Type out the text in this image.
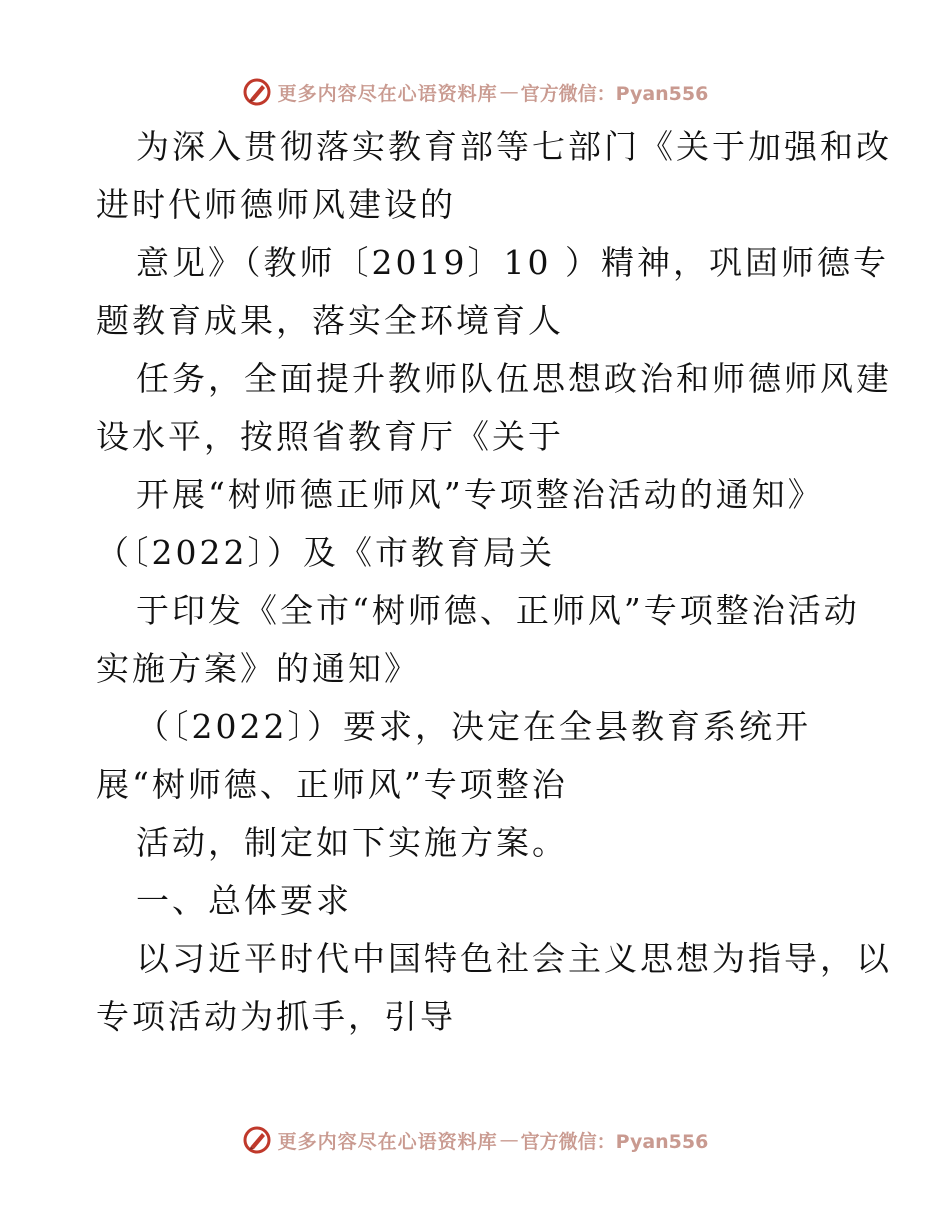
更多内容尽在心语资料库 — 官方微信：Pyan556
为深入贯彻落实教育部等七部门《关于加强和改
进时代师德师风建设的
意见》（教师〔2019〕10 ）精神，巩固师德专
题教育成果，落实全环境育人
任务，全面提升教师队伍思想政治和师德师风建
设水平，按照省教育厅《关于
开展“树师德正师风”专项整治活动的通知》
（〔2022〕）及《市教育局关
于印发《全市“树师德、正师风”专项整治活动
实施方案》的通知》
（〔2022〕）要求，决定在全县教育系统开
展“树师德、正师风”专项整治
活动，制定如下实施方案。
一、总体要求
以习近平时代中国特色社会主义思想为指导，以
专项活动为抓手，引导
更多内容尽在心语资料库 — 官方微信：Pyan556
